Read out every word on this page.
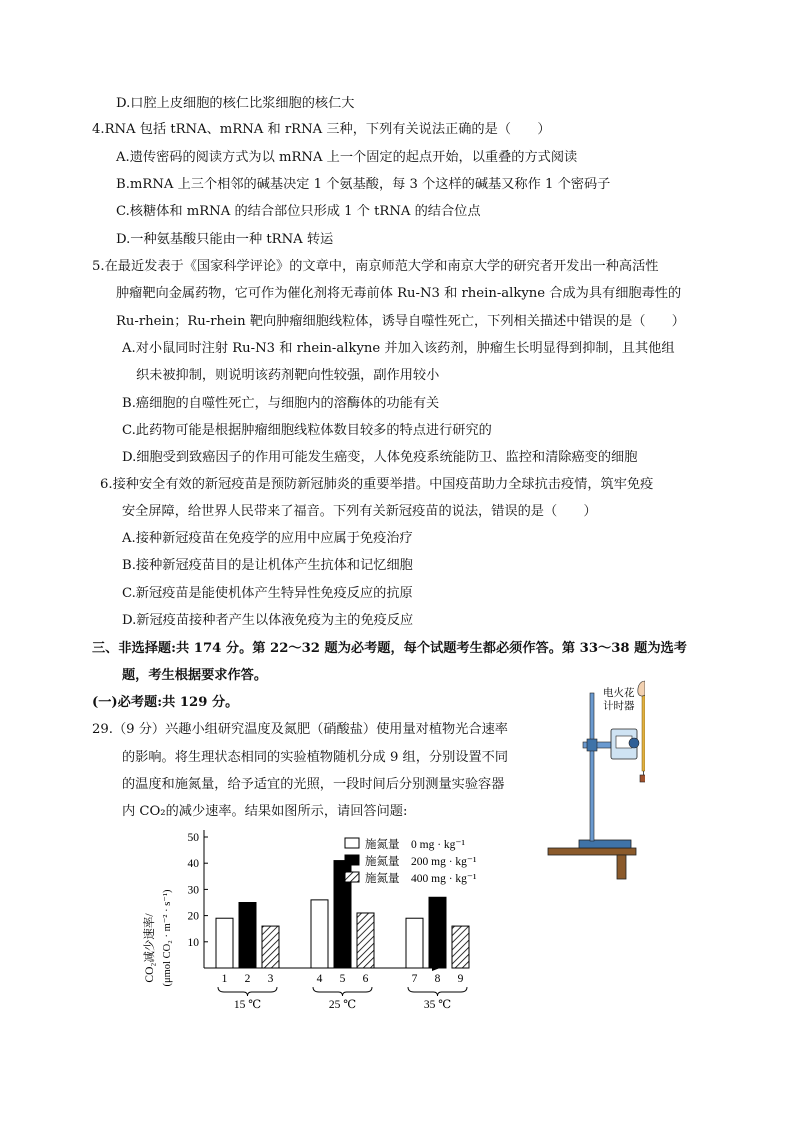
D.口腔上皮细胞的核仁比浆细胞的核仁大
4.RNA 包括 tRNA、mRNA 和 rRNA 三种，下列有关说法正确的是（　　）
A.遗传密码的阅读方式为以 mRNA 上一个固定的起点开始，以重叠的方式阅读
B.mRNA 上三个相邻的碱基决定 1 个氨基酸，每 3 个这样的碱基又称作 1 个密码子
C.核糖体和 mRNA 的结合部位只形成 1 个 tRNA 的结合位点
D.一种氨基酸只能由一种 tRNA 转运
5.在最近发表于《国家科学评论》的文章中，南京师范大学和南京大学的研究者开发出一种高活性
肿瘤靶向金属药物，它可作为催化剂将无毒前体 Ru-N3 和 rhein-alkyne 合成为具有细胞毒性的
Ru-rhein；Ru-rhein 靶向肿瘤细胞线粒体，诱导自噬性死亡，下列相关描述中错误的是（　　）
A.对小鼠同时注射 Ru-N3 和 rhein-alkyne 并加入该药剂，肿瘤生长明显得到抑制，且其他组
织未被抑制，则说明该药剂靶向性较强，副作用较小
B.癌细胞的自噬性死亡，与细胞内的溶酶体的功能有关
C.此药物可能是根据肿瘤细胞线粒体数目较多的特点进行研究的
D.细胞受到致癌因子的作用可能发生癌变，人体免疫系统能防卫、监控和清除癌变的细胞
6.接种安全有效的新冠疫苗是预防新冠肺炎的重要举措。中国疫苗助力全球抗击疫情，筑牢免疫
安全屏障，给世界人民带来了福音。下列有关新冠疫苗的说法，错误的是（　　）
A.接种新冠疫苗在免疫学的应用中应属于免疫治疗
B.接种新冠疫苗目的是让机体产生抗体和记忆细胞
C.新冠疫苗是能使机体产生特异性免疫反应的抗原
D.新冠疫苗接种者产生以体液免疫为主的免疫反应
三、非选择题:共 174 分。第 22～32 题为必考题，每个试题考生都必须作答。第 33～38 题为选考
题，考生根据要求作答。
(一)必考题:共 129 分。
29.（9 分）兴趣小组研究温度及氮肥（硝酸盐）使用量对植物光合速率
的影响。将生理状态相同的实验植物随机分成 9 组，分别设置不同
的温度和施氮量，给予适宜的光照，一段时间后分别测量实验容器
内 CO₂的减少速率。结果如图所示，请回答问题:
电火花
计时器
CO₂减少速率/ (μmol CO₂ · m⁻² · s⁻¹) 10
20
30
40
50
1 2 3
15 ℃
4 5 6
25 ℃
7 8 9
35 ℃
施氮量　0 mg · kg⁻¹
施氮量　200 mg · kg⁻¹
施氮量　400 mg · kg⁻¹
